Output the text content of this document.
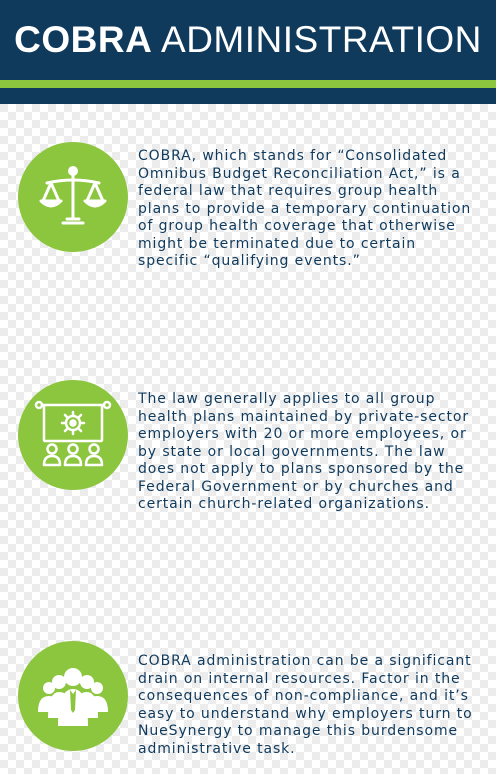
COBRA ADMINISTRATION

COBRA, which stands for “Consolidated Omnibus Budget Reconciliation Act,” is a federal law that requires group health plans to provide a temporary continuation of group health coverage that otherwise might be terminated due to certain specific “qualifying events.”

The law generally applies to all group health plans maintained by private-sector employers with 20 or more employees, or by state or local governments. The law does not apply to plans sponsored by the Federal Government or by churches and certain church-related organizations.

COBRA administration can be a significant drain on internal resources. Factor in the consequences of non-compliance, and it’s easy to understand why employers turn to NueSynergy to manage this burdensome administrative task.
